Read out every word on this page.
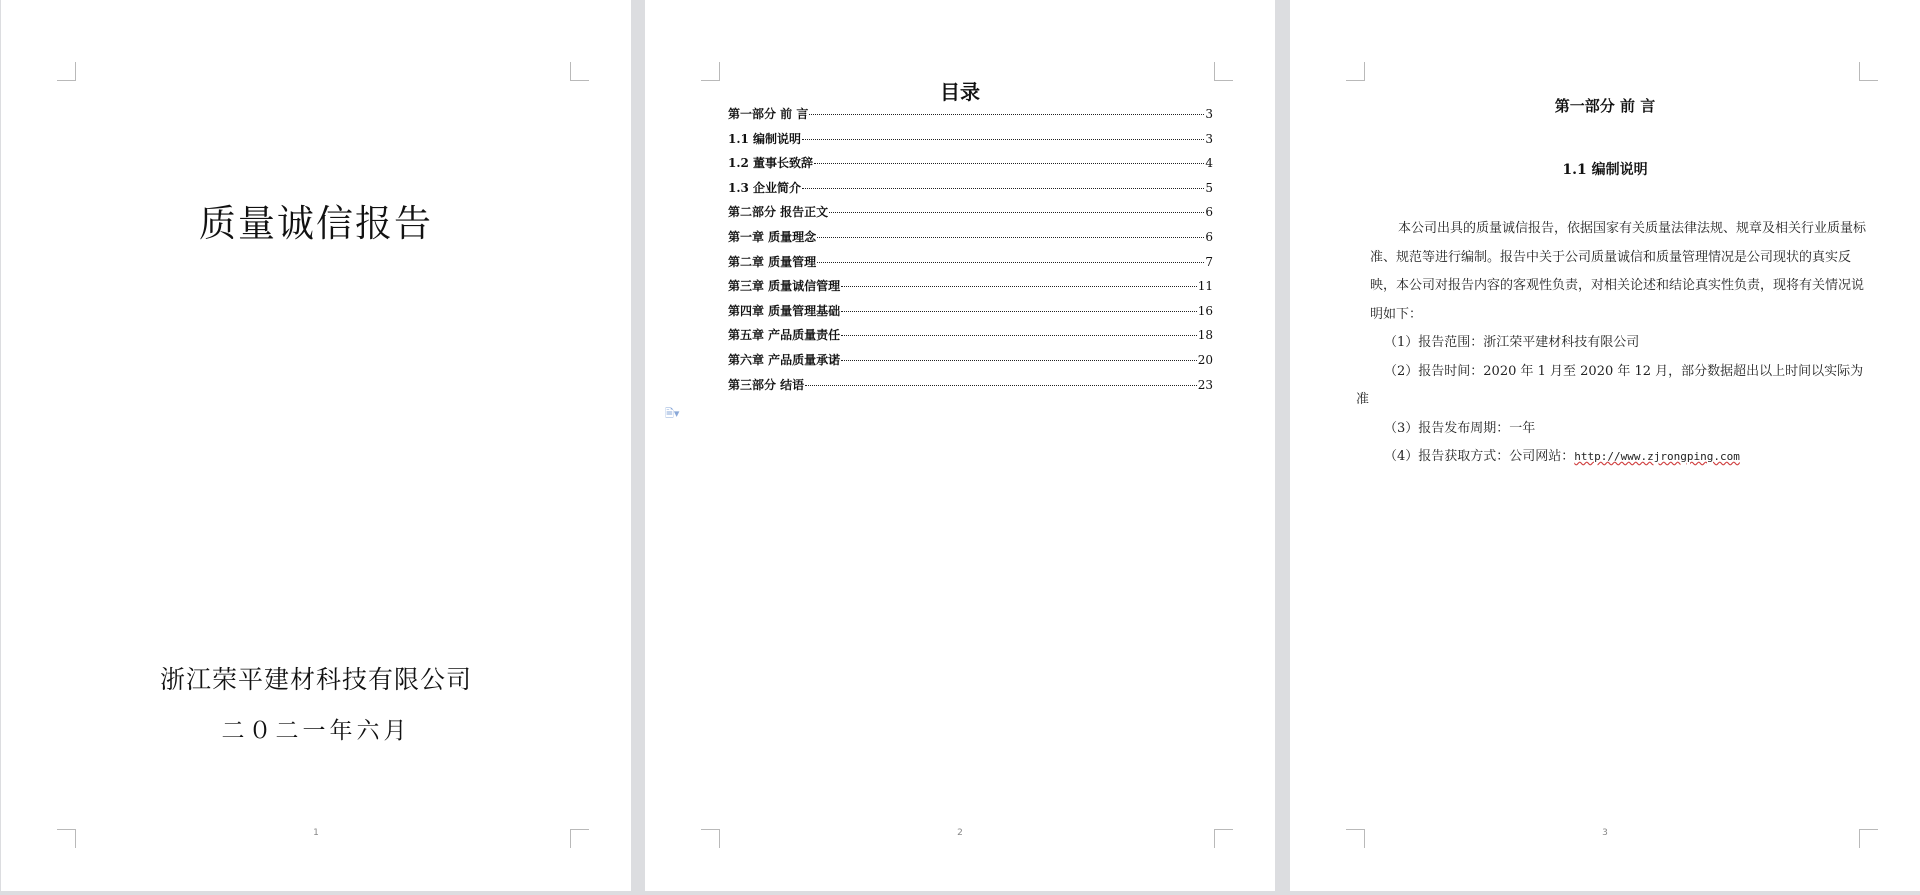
质量诚信报告
浙江荣平建材科技有限公司
二０二一年六月
1
目录
第一部分 前 言	3
1.1 编制说明	3
1.2 董事长致辞	4
1.3 企业简介	5
第二部分 报告正文	6
第一章 质量理念	6
第二章 质量管理	7
第三章 质量诚信管理	11
第四章 质量管理基础	16
第五章 产品质量责任	18
第六章 产品质量承诺	20
第三部分 结语	23
🗎▾
2
第一部分 前 言
1.1 编制说明
本公司出具的质量诚信报告，依据国家有关质量法律法规、规章及相关行业质量标准、规范等进行编制。报告中关于公司质量诚信和质量管理情况是公司现状的真实反映，本公司对报告内容的客观性负责，对相关论述和结论真实性负责，现将有关情况说明如下：
（1）报告范围：浙江荣平建材科技有限公司
（2）报告时间：2020 年 1 月至 2020 年 12 月，部分数据超出以上时间以实际为准
（3）报告发布周期：一年
（4）报告获取方式：公司网站：http://www.zjrongping.com
3
